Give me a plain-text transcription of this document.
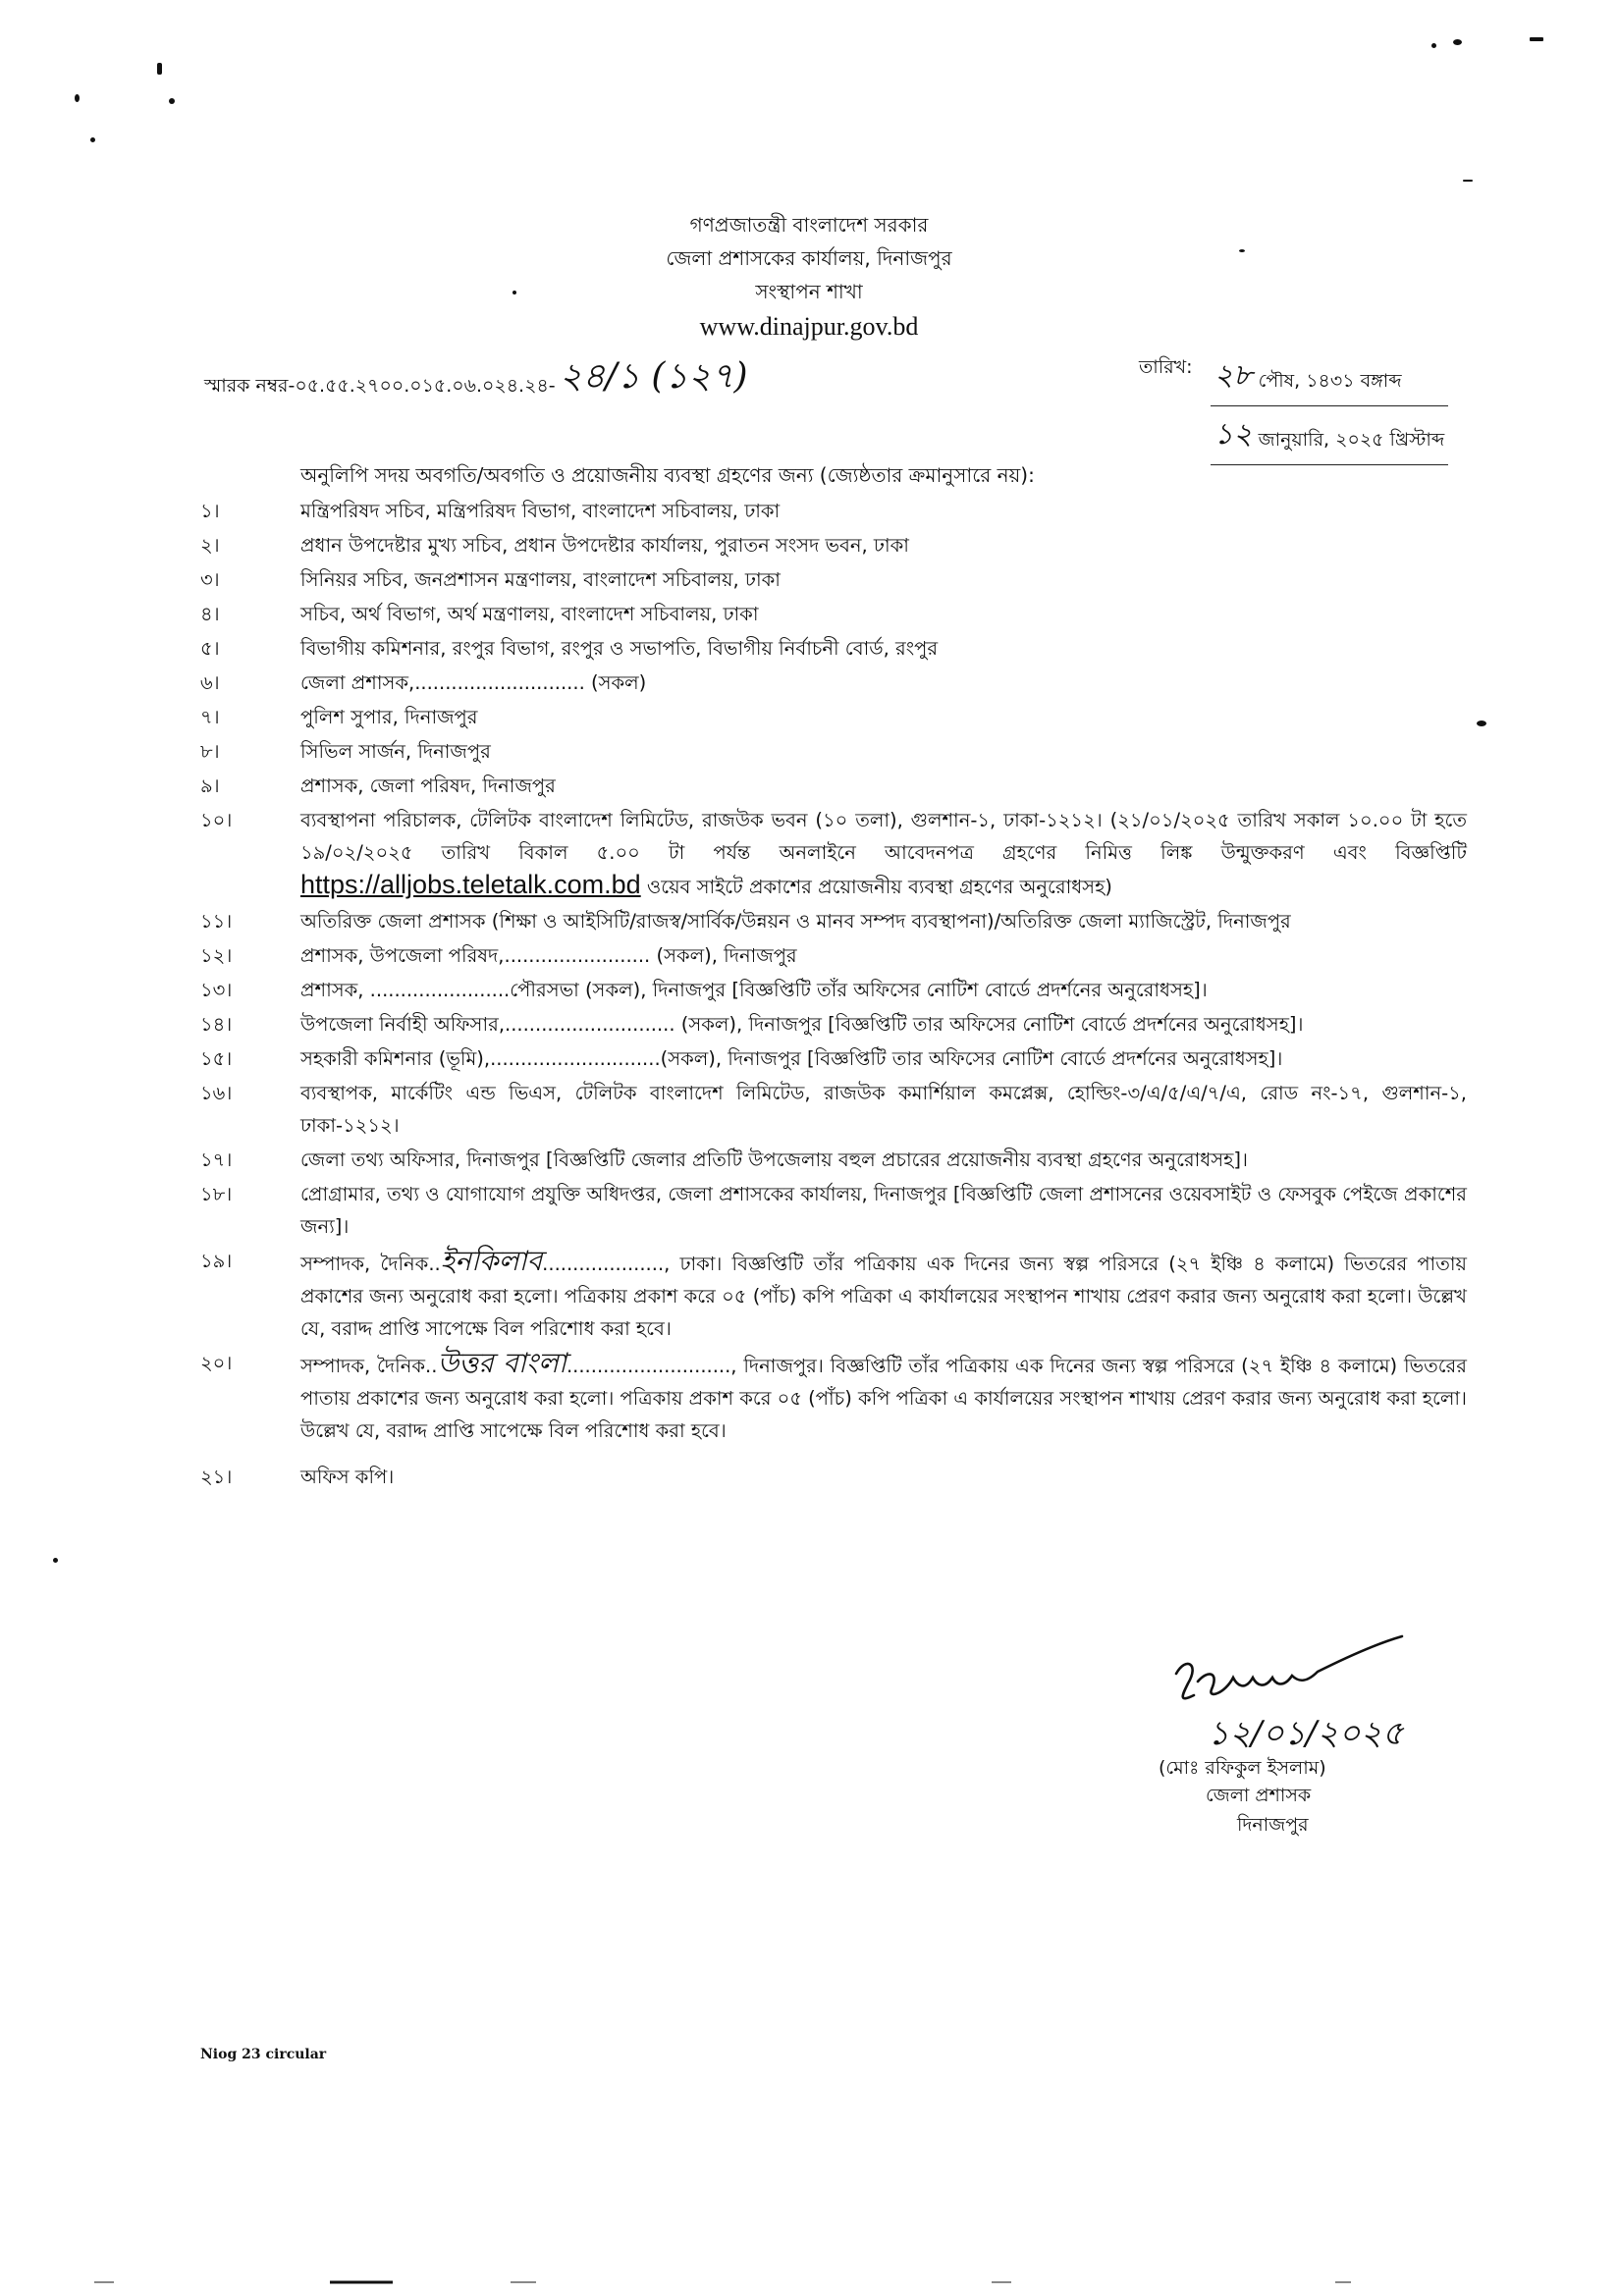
গণপ্রজাতন্ত্রী বাংলাদেশ সরকার
জেলা প্রশাসকের কার্যালয়, দিনাজপুর
সংস্থাপন শাখা
www.dinajpur.gov.bd
স্মারক নম্বর-০৫.৫৫.২৭০০.০১৫.০৬.০২৪.২৪- ২৪/১ (১২৭)	তারিখ: ২৮ পৌষ, ১৪৩১ বঙ্গাব্দ
১২ জানুয়ারি, ২০২৫ খ্রিস্টাব্দ
অনুলিপি সদয় অবগতি/অবগতি ও প্রয়োজনীয় ব্যবস্থা গ্রহণের জন্য (জ্যেষ্ঠতার ক্রমানুসারে নয়):
১।	মন্ত্রিপরিষদ সচিব, মন্ত্রিপরিষদ বিভাগ, বাংলাদেশ সচিবালয়, ঢাকা
২।	প্রধান উপদেষ্টার মুখ্য সচিব, প্রধান উপদেষ্টার কার্যালয়, পুরাতন সংসদ ভবন, ঢাকা
৩।	সিনিয়র সচিব, জনপ্রশাসন মন্ত্রণালয়, বাংলাদেশ সচিবালয়, ঢাকা
৪।	সচিব, অর্থ বিভাগ, অর্থ মন্ত্রণালয়, বাংলাদেশ সচিবালয়, ঢাকা
৫।	বিভাগীয় কমিশনার, রংপুর বিভাগ, রংপুর ও সভাপতি, বিভাগীয় নির্বাচনী বোর্ড, রংপুর
৬।	জেলা প্রশাসক,............................ (সকল)
৭।	পুলিশ সুপার, দিনাজপুর
৮।	সিভিল সার্জন, দিনাজপুর
৯।	প্রশাসক, জেলা পরিষদ, দিনাজপুর
১০।	ব্যবস্থাপনা পরিচালক, টেলিটক বাংলাদেশ লিমিটেড, রাজউক ভবন (১০ তলা), গুলশান-১, ঢাকা-১২১২। (২১/০১/২০২৫ তারিখ সকাল ১০.০০ টা হতে ১৯/০২/২০২৫ তারিখ বিকাল ৫.০০ টা পর্যন্ত অনলাইনে আবেদনপত্র গ্রহণের নিমিত্ত লিঙ্ক উন্মুক্তকরণ এবং বিজ্ঞপ্তিটি https://alljobs.teletalk.com.bd ওয়েব সাইটে প্রকাশের প্রয়োজনীয় ব্যবস্থা গ্রহণের অনুরোধসহ)
১১।	অতিরিক্ত জেলা প্রশাসক (শিক্ষা ও আইসিটি/রাজস্ব/সার্বিক/উন্নয়ন ও মানব সম্পদ ব্যবস্থাপনা)/অতিরিক্ত জেলা ম্যাজিস্ট্রেট, দিনাজপুর
১২।	প্রশাসক, উপজেলা পরিষদ,........................ (সকল), দিনাজপুর
১৩।	প্রশাসক, .......................পৌরসভা (সকল), দিনাজপুর [বিজ্ঞপ্তিটি তাঁর অফিসের নোটিশ বোর্ডে প্রদর্শনের অনুরোধসহ]।
১৪।	উপজেলা নির্বাহী অফিসার,............................ (সকল), দিনাজপুর [বিজ্ঞপ্তিটি তার অফিসের নোটিশ বোর্ডে প্রদর্শনের অনুরোধসহ]।
১৫।	সহকারী কমিশনার (ভূমি),............................(সকল), দিনাজপুর [বিজ্ঞপ্তিটি তার অফিসের নোটিশ বোর্ডে প্রদর্শনের অনুরোধসহ]।
১৬।	ব্যবস্থাপক, মার্কেটিং এন্ড ভিএস, টেলিটক বাংলাদেশ লিমিটেড, রাজউক কমার্শিয়াল কমপ্লেক্স, হোল্ডিং-৩/এ/৫/এ/৭/এ, রোড নং-১৭, গুলশান-১, ঢাকা-১২১২।
১৭।	জেলা তথ্য অফিসার, দিনাজপুর [বিজ্ঞপ্তিটি জেলার প্রতিটি উপজেলায় বহুল প্রচারের প্রয়োজনীয় ব্যবস্থা গ্রহণের অনুরোধসহ]।
১৮।	প্রোগ্রামার, তথ্য ও যোগাযোগ প্রযুক্তি অধিদপ্তর, জেলা প্রশাসকের কার্যালয়, দিনাজপুর [বিজ্ঞপ্তিটি জেলা প্রশাসনের ওয়েবসাইট ও ফেসবুক পেইজে প্রকাশের জন্য]।
১৯।	সম্পাদক, দৈনিক..ইনকিলাব...................., ঢাকা। বিজ্ঞপ্তিটি তাঁর পত্রিকায় এক দিনের জন্য স্বল্প পরিসরে (২৭ ইঞ্চি ৪ কলামে) ভিতরের পাতায় প্রকাশের জন্য অনুরোধ করা হলো। পত্রিকায় প্রকাশ করে ০৫ (পাঁচ) কপি পত্রিকা এ কার্যালয়ের সংস্থাপন শাখায় প্রেরণ করার জন্য অনুরোধ করা হলো। উল্লেখ যে, বরাদ্দ প্রাপ্তি সাপেক্ষে বিল পরিশোধ করা হবে।
২০।	সম্পাদক, দৈনিক..উত্তর বাংলা..........................., দিনাজপুর। বিজ্ঞপ্তিটি তাঁর পত্রিকায় এক দিনের জন্য স্বল্প পরিসরে (২৭ ইঞ্চি ৪ কলামে) ভিতরের পাতায় প্রকাশের জন্য অনুরোধ করা হলো। পত্রিকায় প্রকাশ করে ০৫ (পাঁচ) কপি পত্রিকা এ কার্যালয়ের সংস্থাপন শাখায় প্রেরণ করার জন্য অনুরোধ করা হলো। উল্লেখ যে, বরাদ্দ প্রাপ্তি সাপেক্ষে বিল পরিশোধ করা হবে।
২১।	অফিস কপি।
১২/০১/২০২৫
(মোঃ রফিকুল ইসলাম)
জেলা প্রশাসক
দিনাজপুর
Niog 23 circular
